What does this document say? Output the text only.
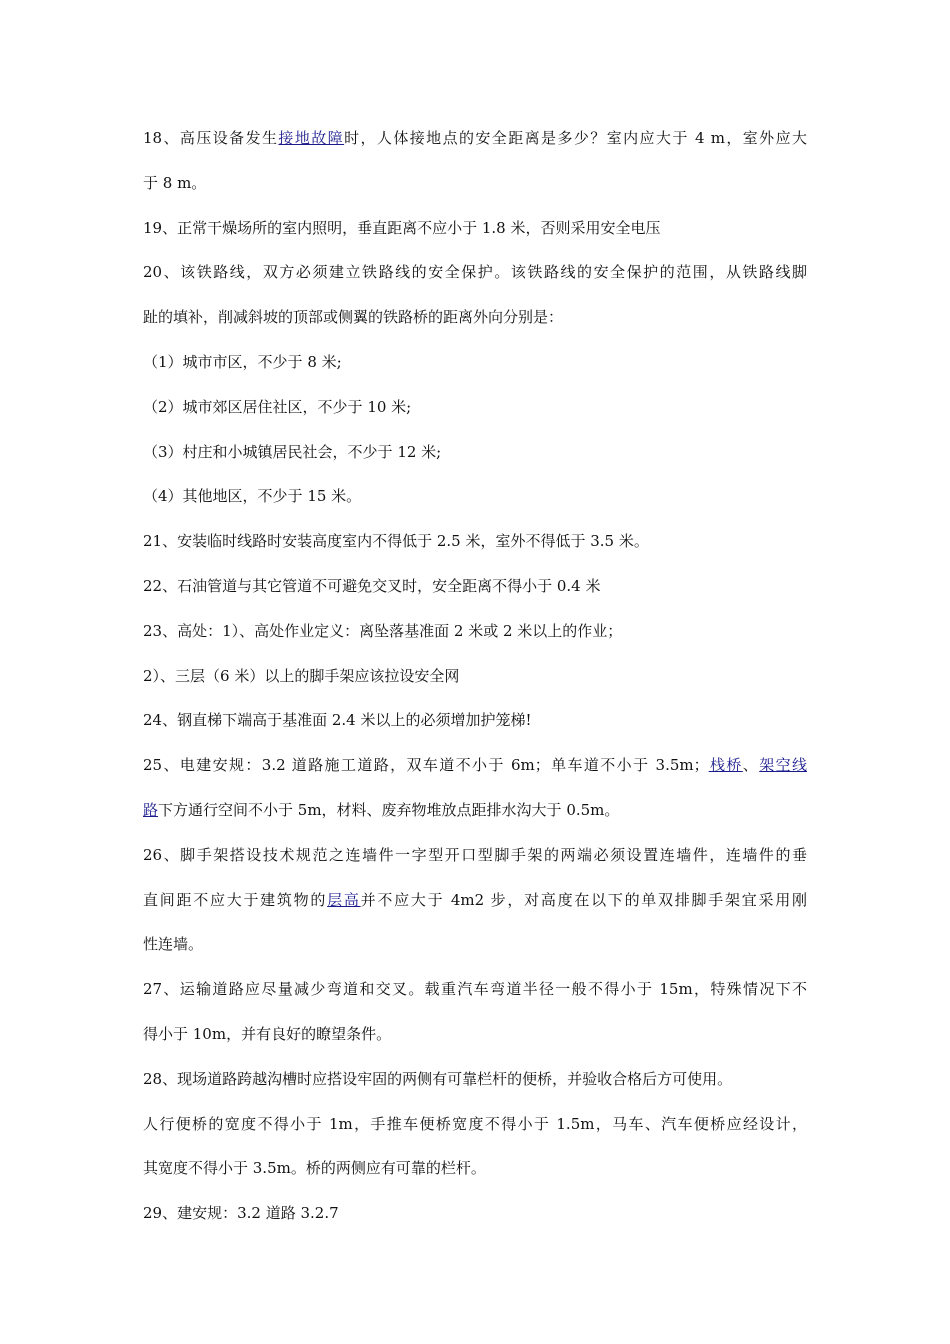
18、高压设备发生接地故障时，人体接地点的安全距离是多少？室内应大于 4 m，室外应大
于 8 m。
19、正常干燥场所的室内照明，垂直距离不应小于 1.8 米，否则采用安全电压
20、该铁路线，双方必须建立铁路线的安全保护。该铁路线的安全保护的范围，从铁路线脚
趾的填补，削减斜坡的顶部或侧翼的铁路桥的距离外向分别是：
（1）城市市区，不少于 8 米;
（2）城市郊区居住社区，不少于 10 米;
（3）村庄和小城镇居民社会，不少于 12 米;
（4）其他地区，不少于 15 米。
21、安装临时线路时安装高度室内不得低于 2.5 米，室外不得低于 3.5 米。
22、石油管道与其它管道不可避免交叉时，安全距离不得小于 0.4 米
23、高处：1）、高处作业定义：离坠落基准面 2 米或 2 米以上的作业；
2）、三层（6 米）以上的脚手架应该拉设安全网
24、钢直梯下端高于基准面 2.4 米以上的必须增加护笼梯!
25、电建安规：3.2 道路施工道路，双车道不小于 6m；单车道不小于 3.5m；栈桥、架空线
路下方通行空间不小于 5m，材料、废弃物堆放点距排水沟大于 0.5m。
26、脚手架搭设技术规范之连墙件一字型开口型脚手架的两端必须设置连墙件，连墙件的垂
直间距不应大于建筑物的层高并不应大于 4m2 步，对高度在以下的单双排脚手架宜采用刚
性连墙。
27、运输道路应尽量减少弯道和交叉。载重汽车弯道半径一般不得小于 15m，特殊情况下不
得小于 10m，并有良好的瞭望条件。
28、现场道路跨越沟槽时应搭设牢固的两侧有可靠栏杆的便桥，并验收合格后方可使用。
人行便桥的宽度不得小于 1m，手推车便桥宽度不得小于 1.5m，马车、汽车便桥应经设计，
其宽度不得小于 3.5m。桥的两侧应有可靠的栏杆。
29、建安规：3.2 道路 3.2.7
